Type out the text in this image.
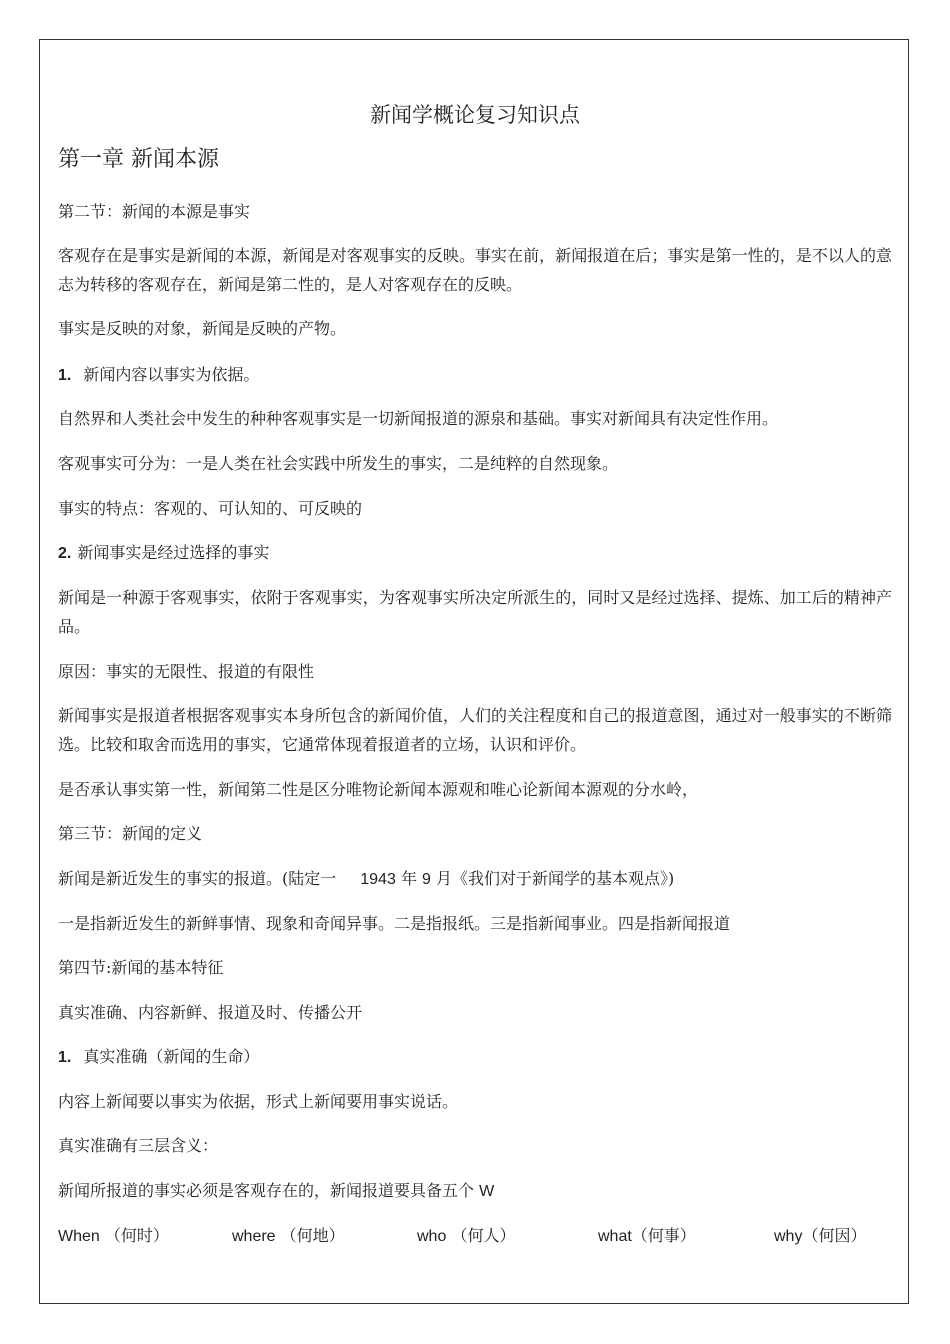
新闻学概论复习知识点
第一章 新闻本源
第二节：新闻的本源是事实
客观存在是事实是新闻的本源，新闻是对客观事实的反映。事实在前，新闻报道在后；事实是第一性的，是不以人的意志为转移的客观存在，新闻是第二性的，是人对客观存在的反映。
事实是反映的对象，新闻是反映的产物。
1. 新闻内容以事实为依据。
自然界和人类社会中发生的种种客观事实是一切新闻报道的源泉和基础。事实对新闻具有决定性作用。
客观事实可分为：一是人类在社会实践中所发生的事实，二是纯粹的自然现象。
事实的特点：客观的、可认知的、可反映的
2. 新闻事实是经过选择的事实
新闻是一种源于客观事实，依附于客观事实，为客观事实所决定所派生的，同时又是经过选择、提炼、加工后的精神产品。
原因：事实的无限性、报道的有限性
新闻事实是报道者根据客观事实本身所包含的新闻价值，人们的关注程度和自己的报道意图，通过对一般事实的不断筛选。比较和取舍而选用的事实，它通常体现着报道者的立场，认识和评价。
是否承认事实第一性，新闻第二性是区分唯物论新闻本源观和唯心论新闻本源观的分水岭，
第三节：新闻的定义
新闻是新近发生的事实的报道。(陆定一 1943 年 9 月《我们对于新闻学的基本观点》)
一是指新近发生的新鲜事情、现象和奇闻异事。二是指报纸。三是指新闻事业。四是指新闻报道
第四节:新闻的基本特征
真实准确、内容新鲜、报道及时、传播公开
1. 真实准确（新闻的生命）
内容上新闻要以事实为依据，形式上新闻要用事实说话。
真实准确有三层含义：
新闻所报道的事实必须是客观存在的，新闻报道要具备五个 W
When （何时）	where （何地）	who （何人）	what（何事）	why（何因）
